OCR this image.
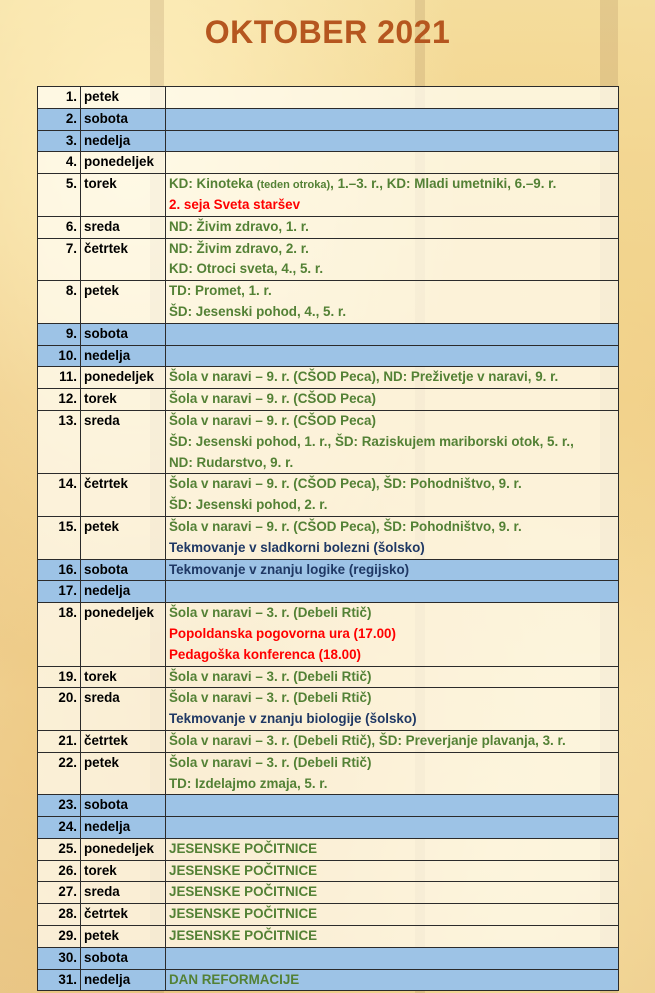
OKTOBER 2021
1.	petek	

2.	sobota	

3.	nedelja	

4.	ponedeljek	

5.	torek	KD: Kinoteka (teden otroka), 1.–3. r., KD: Mladi umetniki, 6.–9. r.
2. seja Sveta staršev

6.	sreda	ND: Živim zdravo, 1. r.

7.	četrtek	ND: Živim zdravo, 2. r.
KD: Otroci sveta, 4., 5. r.

8.	petek	TD: Promet, 1. r.
ŠD: Jesenski pohod, 4., 5. r.

9.	sobota	

10.	nedelja	

11.	ponedeljek	Šola v naravi – 9. r. (CŠOD Peca), ND: Preživetje v naravi, 9. r.

12.	torek	Šola v naravi – 9. r. (CŠOD Peca)

13.	sreda	Šola v naravi – 9. r. (CŠOD Peca)
ŠD: Jesenski pohod, 1. r., ŠD: Raziskujem mariborski otok, 5. r.,
ND: Rudarstvo, 9. r.

14.	četrtek	Šola v naravi – 9. r. (CŠOD Peca), ŠD: Pohodništvo, 9. r.
ŠD: Jesenski pohod, 2. r.

15.	petek	Šola v naravi – 9. r. (CŠOD Peca), ŠD: Pohodništvo, 9. r.
Tekmovanje v sladkorni bolezni (šolsko)

16.	sobota	Tekmovanje v znanju logike (regijsko)

17.	nedelja	

18.	ponedeljek	Šola v naravi – 3. r. (Debeli Rtič)
Popoldanska pogovorna ura (17.00)
Pedagoška konferenca (18.00)

19.	torek	Šola v naravi – 3. r. (Debeli Rtič)

20.	sreda	Šola v naravi – 3. r. (Debeli Rtič)
Tekmovanje v znanju biologije (šolsko)

21.	četrtek	Šola v naravi – 3. r. (Debeli Rtič), ŠD: Preverjanje plavanja, 3. r.

22.	petek	Šola v naravi – 3. r. (Debeli Rtič)
TD: Izdelajmo zmaja, 5. r.

23.	sobota	

24.	nedelja	

25.	ponedeljek	JESENSKE POČITNICE

26.	torek	JESENSKE POČITNICE

27.	sreda	JESENSKE POČITNICE

28.	četrtek	JESENSKE POČITNICE

29.	petek	JESENSKE POČITNICE

30.	sobota	

31.	nedelja	DAN REFORMACIJE
